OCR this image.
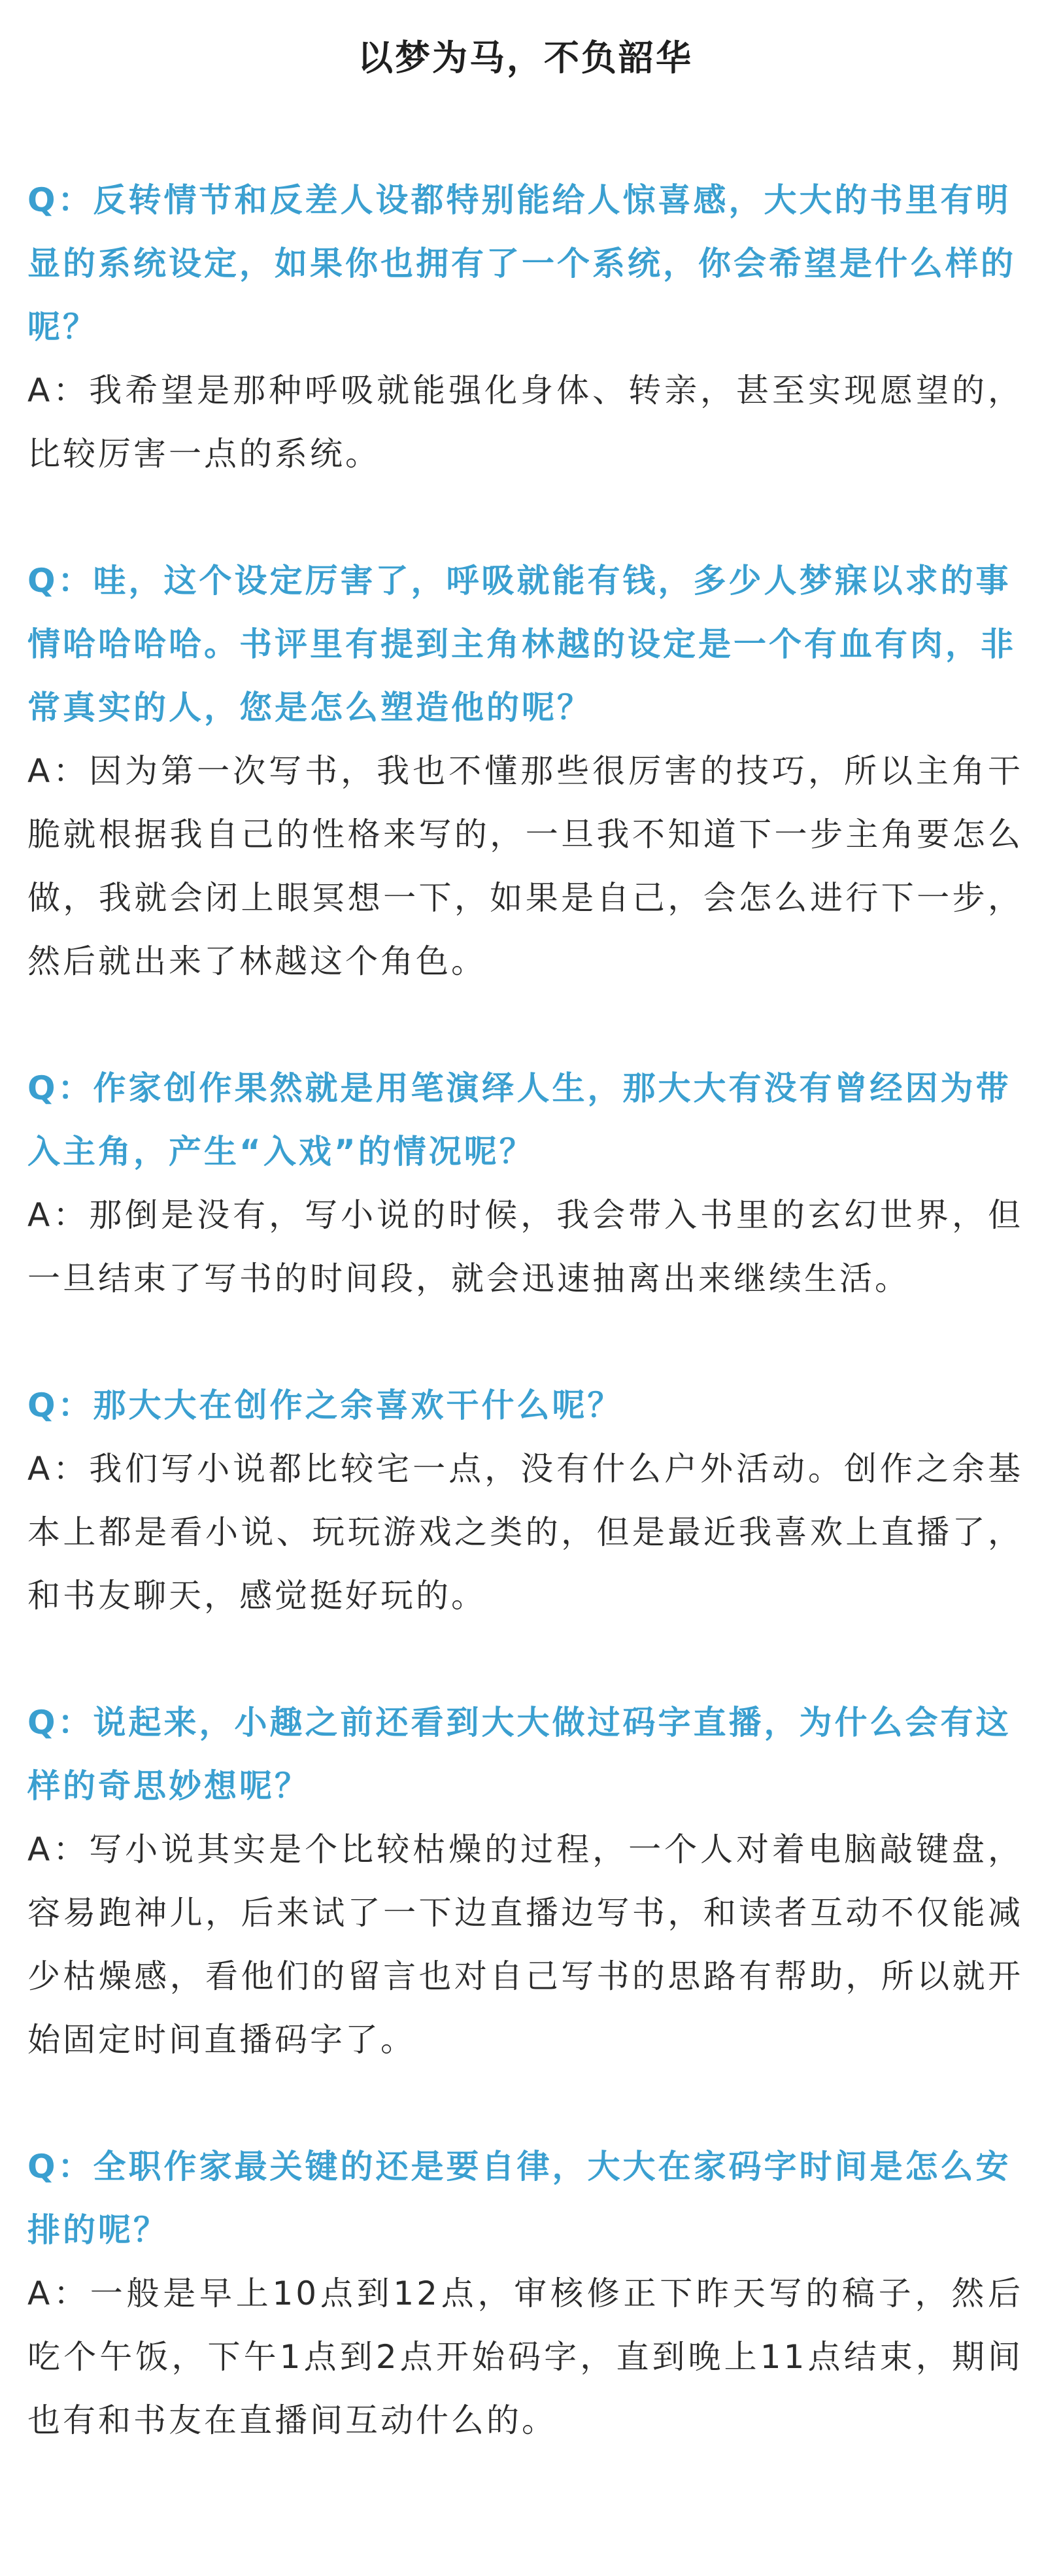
以梦为马，不负韶华

Q：反转情节和反差人设都特别能给人惊喜感，大大的书里有明显的系统设定，如果你也拥有了一个系统，你会希望是什么样的呢？

A：我希望是那种呼吸就能强化身体、转亲，甚至实现愿望的，比较厉害一点的系统。

Q：哇，这个设定厉害了，呼吸就能有钱，多少人梦寐以求的事情哈哈哈哈。书评里有提到主角林越的设定是一个有血有肉，非常真实的人，您是怎么塑造他的呢？

A：因为第一次写书，我也不懂那些很厉害的技巧，所以主角干脆就根据我自己的性格来写的，一旦我不知道下一步主角要怎么做，我就会闭上眼冥想一下，如果是自己，会怎么进行下一步，然后就出来了林越这个角色。

Q：作家创作果然就是用笔演绎人生，那大大有没有曾经因为带入主角，产生“入戏”的情况呢？

A：那倒是没有，写小说的时候，我会带入书里的玄幻世界，但一旦结束了写书的时间段，就会迅速抽离出来继续生活。

Q：那大大在创作之余喜欢干什么呢？

A：我们写小说都比较宅一点，没有什么户外活动。创作之余基本上都是看小说、玩玩游戏之类的，但是最近我喜欢上直播了，和书友聊天，感觉挺好玩的。

Q：说起来，小趣之前还看到大大做过码字直播，为什么会有这样的奇思妙想呢？

A：写小说其实是个比较枯燥的过程，一个人对着电脑敲键盘，容易跑神儿，后来试了一下边直播边写书，和读者互动不仅能减少枯燥感，看他们的留言也对自己写书的思路有帮助，所以就开始固定时间直播码字了。

Q：全职作家最关键的还是要自律，大大在家码字时间是怎么安排的呢？

A：一般是早上10点到12点，审核修正下昨天写的稿子，然后吃个午饭，下午1点到2点开始码字，直到晚上11点结束，期间也有和书友在直播间互动什么的。
